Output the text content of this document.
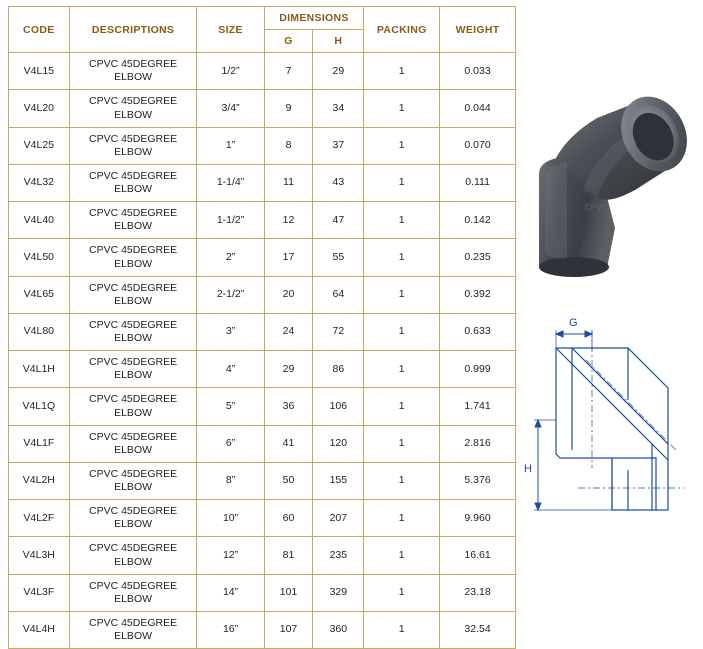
CODE	DESCRIPTIONS	SIZE	DIMENSIONS		PACKING	WEIGHT
			G	H		
V4L15	CPVC 45DEGREE ELBOW	1/2”	7	29	1	0.033
V4L20	CPVC 45DEGREE ELBOW	3/4”	9	34	1	0.044
V4L25	CPVC 45DEGREE ELBOW	1”	8	37	1	0.070
V4L32	CPVC 45DEGREE ELBOW	1-1/4”	11	43	1	0.111
V4L40	CPVC 45DEGREE ELBOW	1-1/2”	12	47	1	0.142
V4L50	CPVC 45DEGREE ELBOW	2”	17	55	1	0.235
V4L65	CPVC 45DEGREE ELBOW	2-1/2”	20	64	1	0.392
V4L80	CPVC 45DEGREE ELBOW	3”	24	72	1	0.633
V4L1H	CPVC 45DEGREE ELBOW	4”	29	86	1	0.999
V4L1Q	CPVC 45DEGREE ELBOW	5”	36	106	1	1.741
V4L1F	CPVC 45DEGREE ELBOW	6”	41	120	1	2.816
V4L2H	CPVC 45DEGREE ELBOW	8”	50	155	1	5.376
V4L2F	CPVC 45DEGREE ELBOW	10”	60	207	1	9.960
V4L3H	CPVC 45DEGREE ELBOW	12”	81	235	1	16.61
V4L3F	CPVC 45DEGREE ELBOW	14”	101	329	1	23.18
V4L4H	CPVC 45DEGREE ELBOW	16”	107	360	1	32.54
CPVC
G
H
